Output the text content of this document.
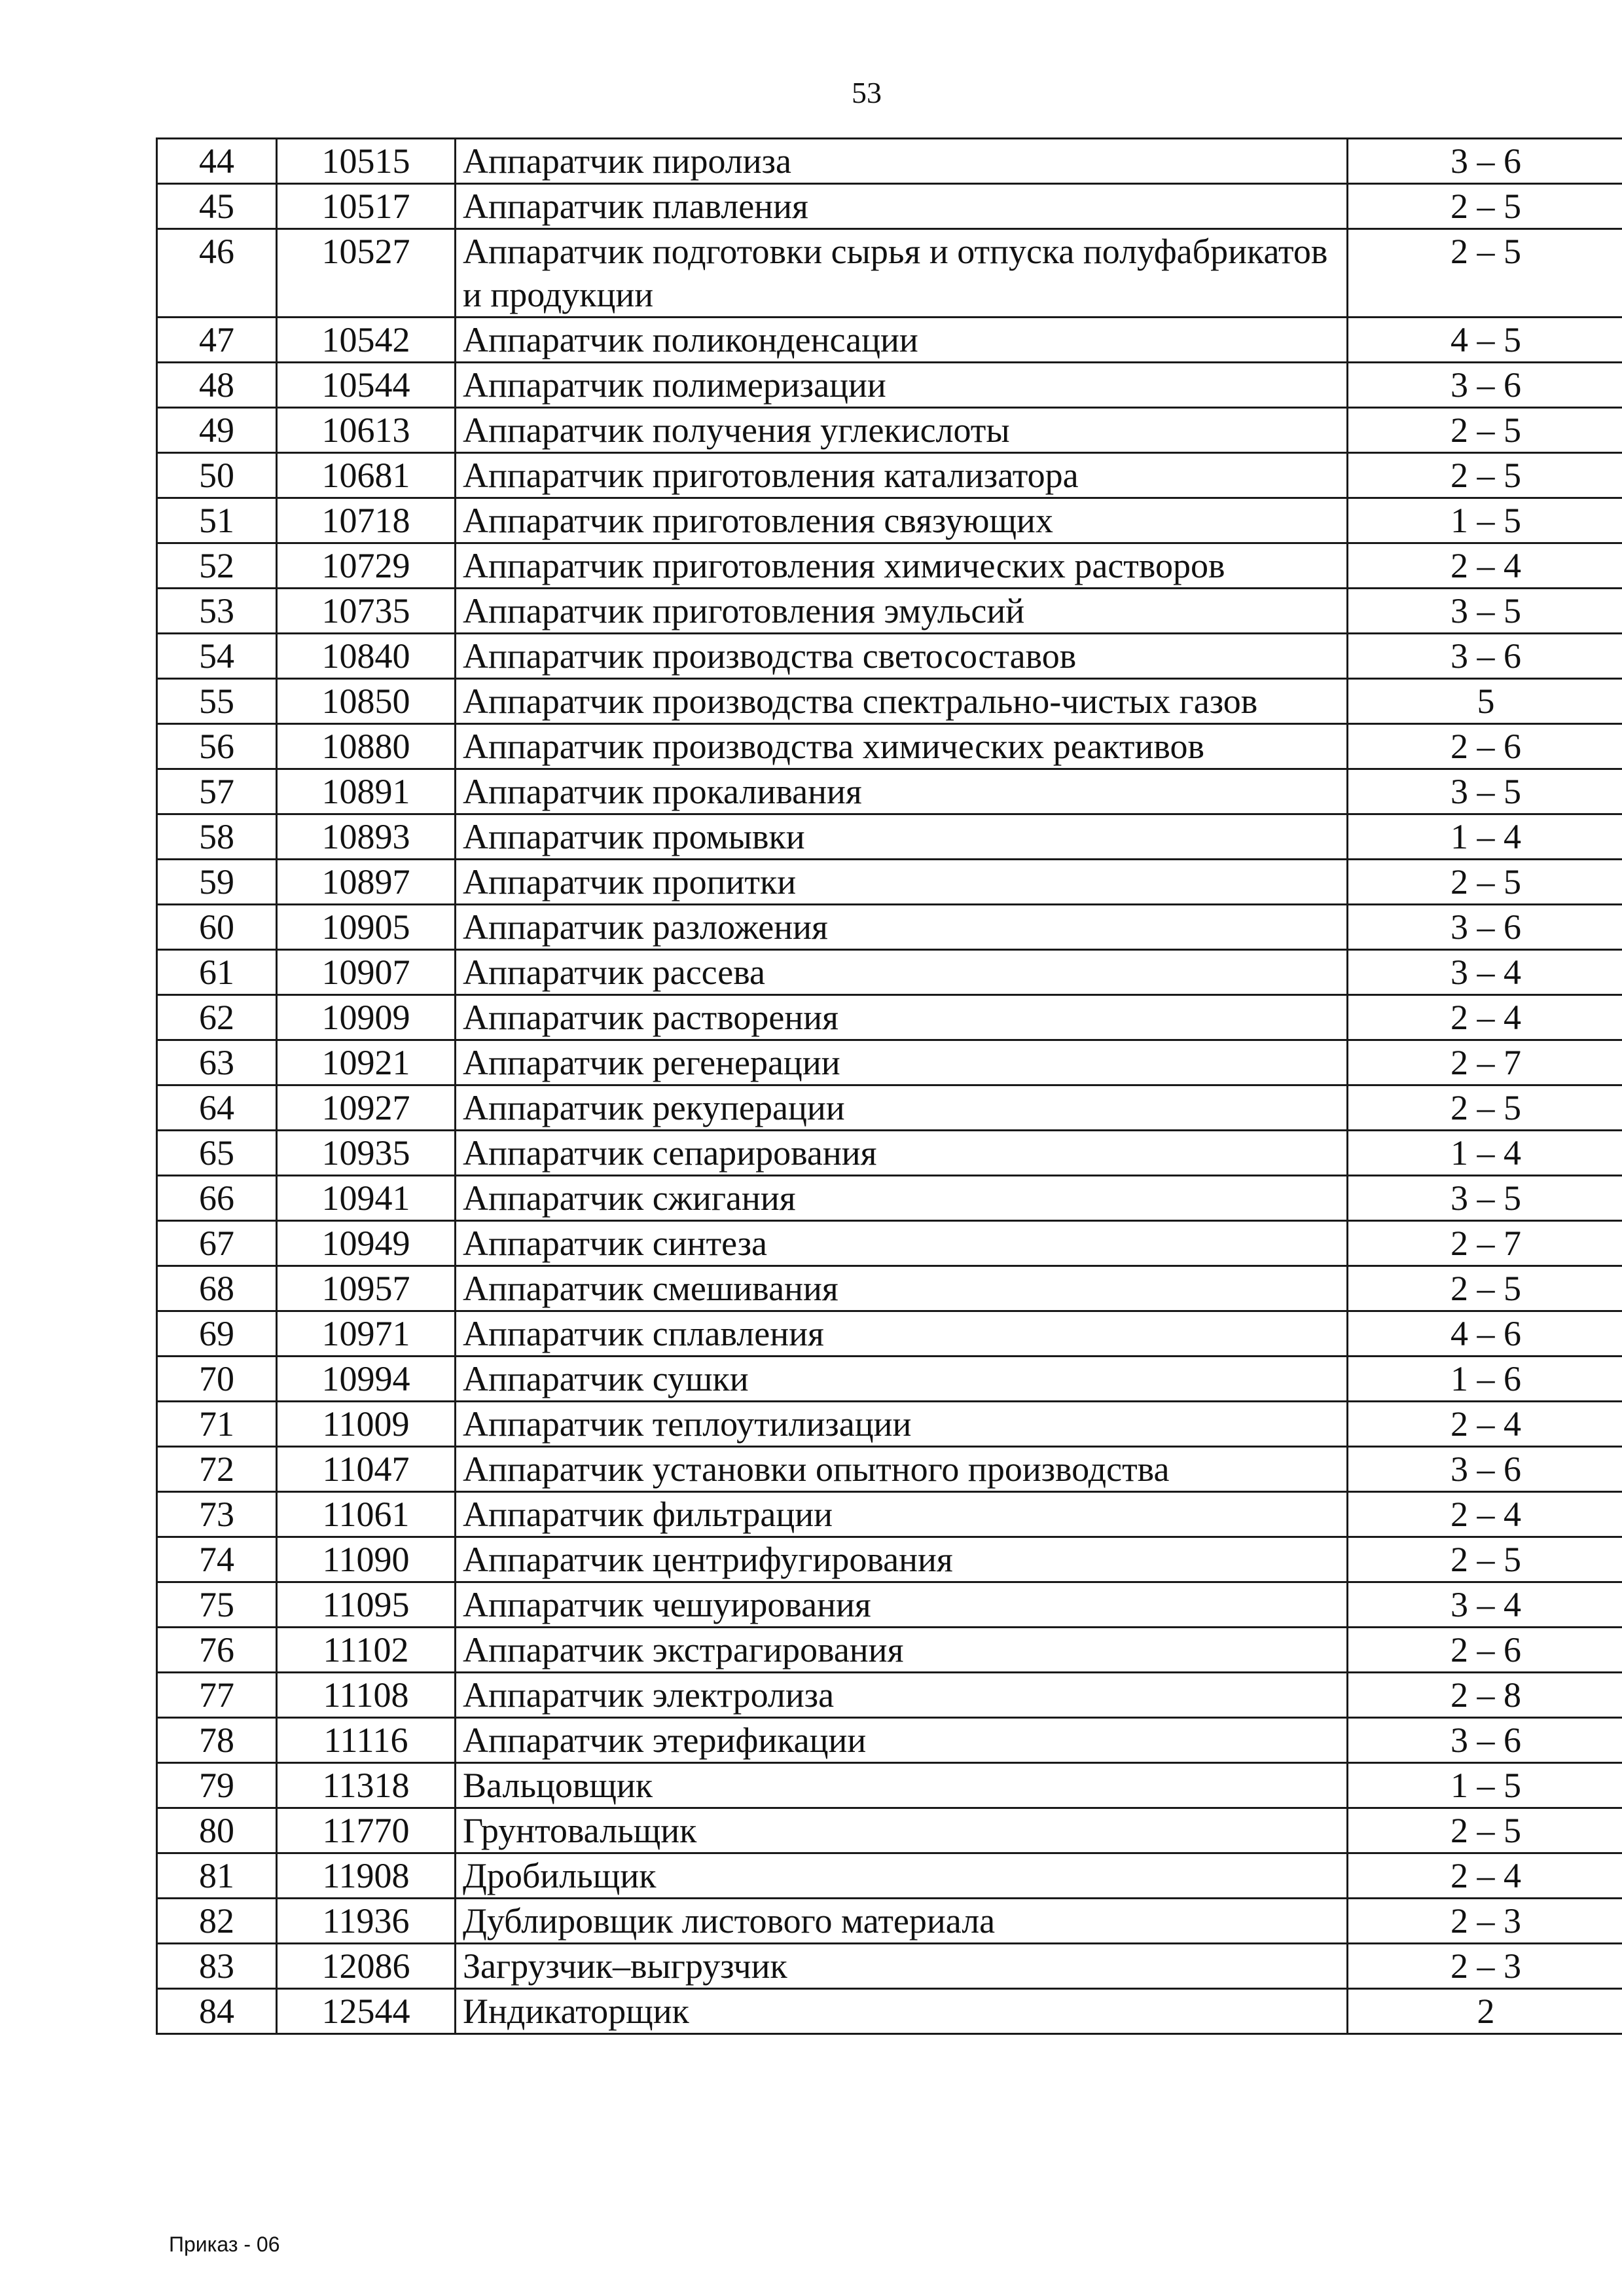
53
44	10515	Аппаратчик пиролиза	3 – 6
45	10517	Аппаратчик плавления	2 – 5
46	10527	Аппаратчик подготовки сырья и отпуска полуфабрикатов и продукции	2 – 5
47	10542	Аппаратчик поликонденсации	4 – 5
48	10544	Аппаратчик полимеризации	3 – 6
49	10613	Аппаратчик получения углекислоты	2 – 5
50	10681	Аппаратчик приготовления катализатора	2 – 5
51	10718	Аппаратчик приготовления связующих	1 – 5
52	10729	Аппаратчик приготовления химических растворов	2 – 4
53	10735	Аппаратчик приготовления эмульсий	3 – 5
54	10840	Аппаратчик производства светосоставов	3 – 6
55	10850	Аппаратчик производства спектрально-чистых газов	5
56	10880	Аппаратчик производства химических реактивов	2 – 6
57	10891	Аппаратчик прокаливания	3 – 5
58	10893	Аппаратчик промывки	1 – 4
59	10897	Аппаратчик пропитки	2 – 5
60	10905	Аппаратчик разложения	3 – 6
61	10907	Аппаратчик рассева	3 – 4
62	10909	Аппаратчик растворения	2 – 4
63	10921	Аппаратчик регенерации	2 – 7
64	10927	Аппаратчик рекуперации	2 – 5
65	10935	Аппаратчик сепарирования	1 – 4
66	10941	Аппаратчик сжигания	3 – 5
67	10949	Аппаратчик синтеза	2 – 7
68	10957	Аппаратчик смешивания	2 – 5
69	10971	Аппаратчик сплавления	4 – 6
70	10994	Аппаратчик сушки	1 – 6
71	11009	Аппаратчик теплоутилизации	2 – 4
72	11047	Аппаратчик установки опытного производства	3 – 6
73	11061	Аппаратчик фильтрации	2 – 4
74	11090	Аппаратчик центрифугирования	2 – 5
75	11095	Аппаратчик чешуирования	3 – 4
76	11102	Аппаратчик экстрагирования	2 – 6
77	11108	Аппаратчик электролиза	2 – 8
78	11116	Аппаратчик этерификации	3 – 6
79	11318	Вальцовщик	1 – 5
80	11770	Грунтовальщик	2 – 5
81	11908	Дробильщик	2 – 4
82	11936	Дублировщик листового материала	2 – 3
83	12086	Загрузчик–выгрузчик	2 – 3
84	12544	Индикаторщик	2
Приказ - 06
